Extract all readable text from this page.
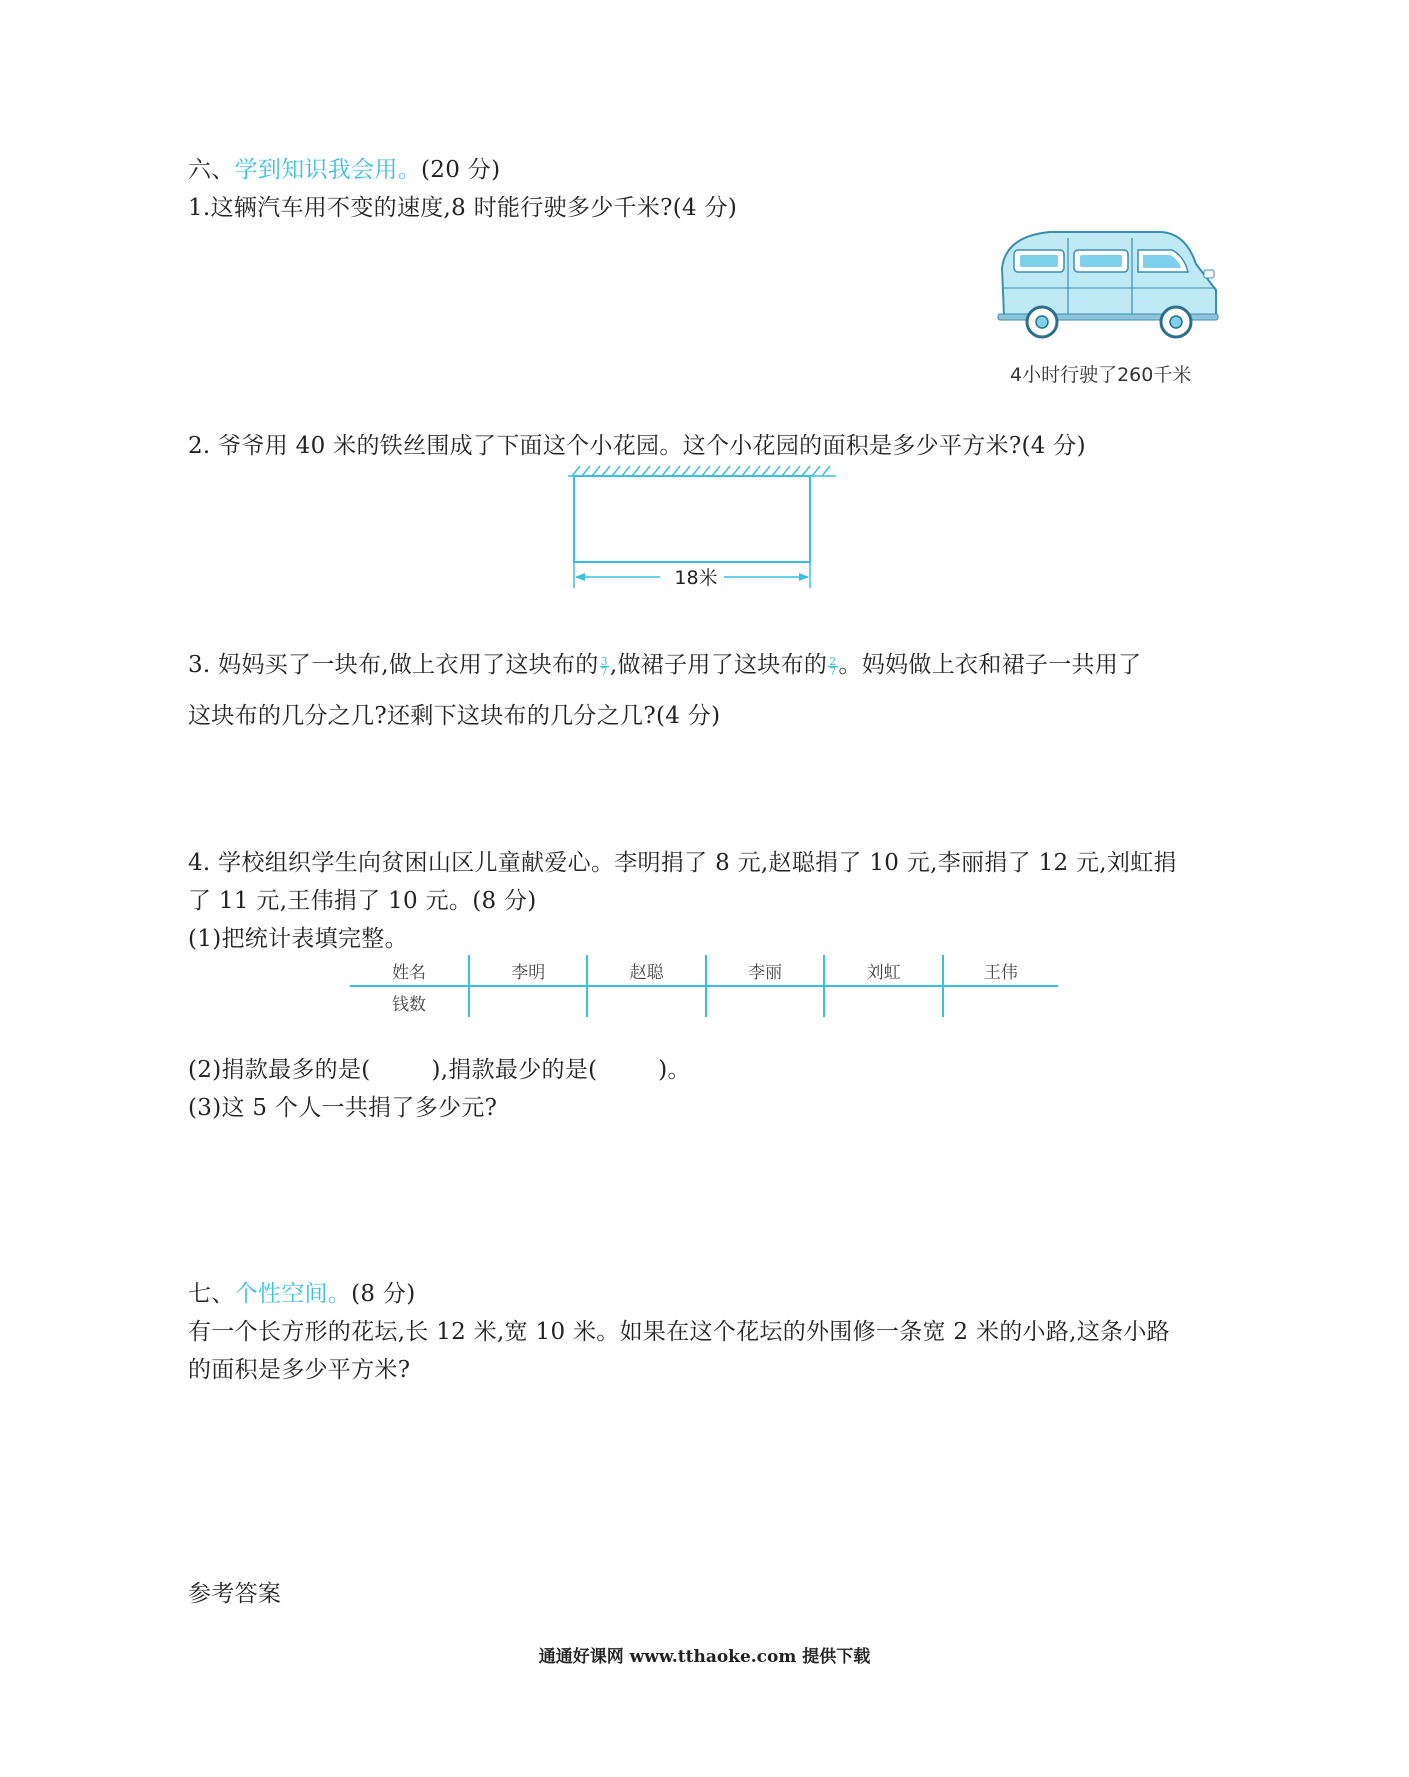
六、学到知识我会用。(20 分)
1.这辆汽车用不变的速度,8 时能行驶多少千米?(4 分)
4小时行驶了260千米
2. 爷爷用 40 米的铁丝围成了下面这个小花园。这个小花园的面积是多少平方米?(4 分)
18米
3. 妈妈买了一块布,做上衣用了这块布的 $\frac{3}{7}$ ,做裙子用了这块布的 $\frac{2}{7}$ 。妈妈做上衣和裙子一共用了
这块布的几分之几?还剩下这块布的几分之几?(4 分)
4. 学校组织学生向贫困山区儿童献爱心。李明捐了 8 元,赵聪捐了 10 元,李丽捐了 12 元,刘虹捐
了 11 元,王伟捐了 10 元。(8 分)
(1)把统计表填完整。
姓名	李明	赵聪	李丽	刘虹	王伟
钱数					
(2)捐款最多的是(        ),捐款最少的是(        )。
(3)这 5 个人一共捐了多少元?
七、个性空间。(8 分)
有一个长方形的花坛,长 12 米,宽 10 米。如果在这个花坛的外围修一条宽 2 米的小路,这条小路
的面积是多少平方米?
参考答案
通通好课网 www.tthaoke.com 提供下载
